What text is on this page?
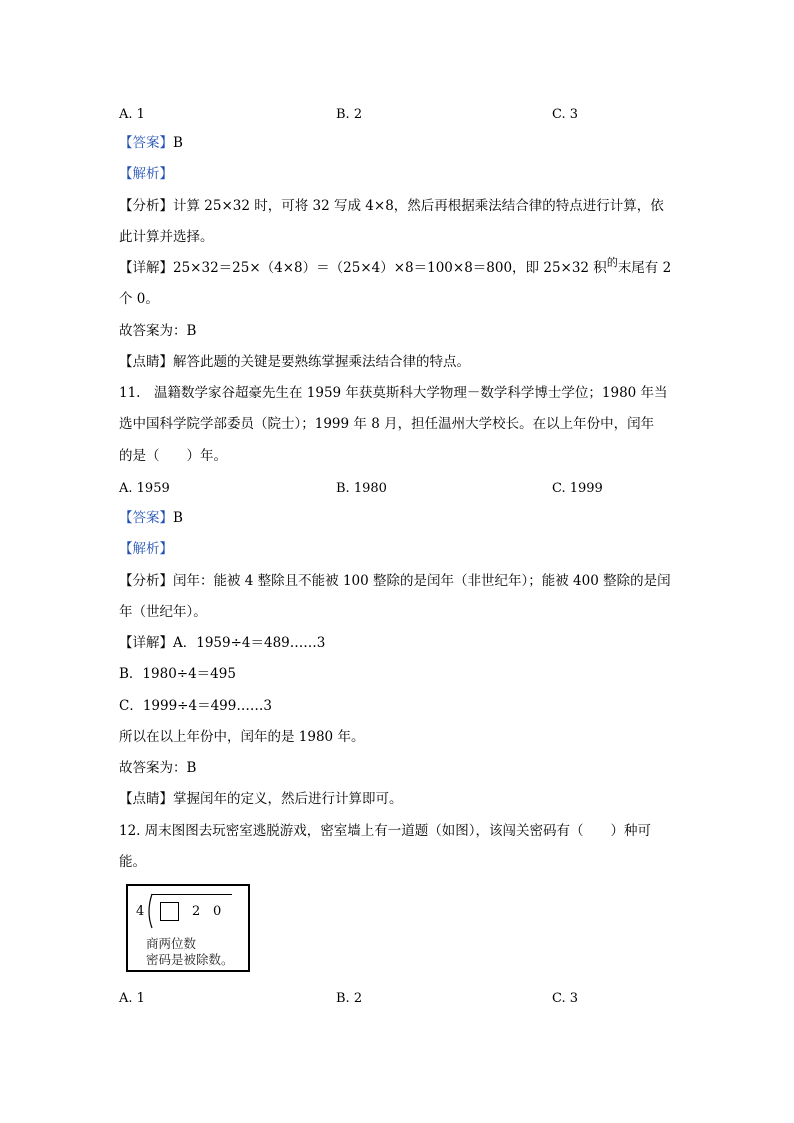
A. 1	B. 2	C. 3
【答案】B
【解析】
【分析】计算 25×32 时，可将 32 写成 4×8，然后再根据乘法结合律的特点进行计算，依
此计算并选择。
【详解】25×32＝25×（4×8）＝（25×4）×8＝100×8＝800，即 25×32 积$^的$末尾有 2
个 0。
故答案为：B
【点睛】解答此题的关键是要熟练掌握乘法结合律的特点。
11.　温籍数学家谷超豪先生在 1959 年获莫斯科大学物理－数学科学博士学位；1980 年当
选中国科学院学部委员（院士）；1999 年 8 月，担任温州大学校长。在以上年份中，闰年
的是（　　）年。
A. 1959	B. 1980	C. 1999
【答案】B
【解析】
【分析】闰年：能被 4 整除且不能被 100 整除的是闰年（非世纪年）；能被 400 整除的是闰
年（世纪年）。
【详解】A．1959÷4＝489……3
B．1980÷4＝495
C．1999÷4＝499……3
所以在以上年份中，闰年的是 1980 年。
故答案为：B
【点睛】掌握闰年的定义，然后进行计算即可。
12. 周末图图去玩密室逃脱游戏，密室墙上有一道题（如图），该闯关密码有（　　）种可
能。
4	2 0
商两位数
密码是被除数。
A. 1	B. 2	C. 3
